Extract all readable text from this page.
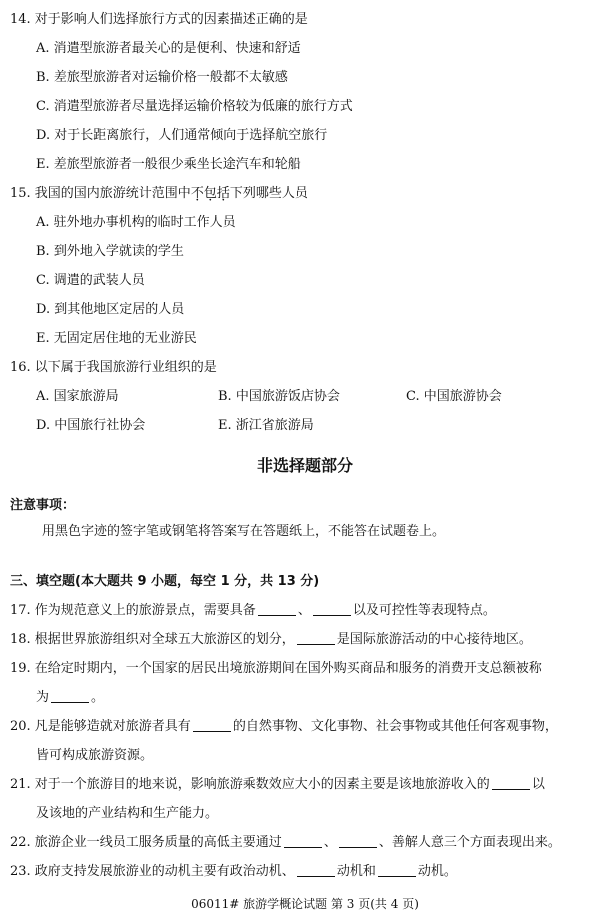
14. 对于影响人们选择旅行方式的因素描述正确的是
A. 消遣型旅游者最关心的是便利、快速和舒适
B. 差旅型旅游者对运输价格一般都不太敏感
C. 消遣型旅游者尽量选择运输价格较为低廉的旅行方式
D. 对于长距离旅行，人们通常倾向于选择航空旅行
E. 差旅型旅游者一般很少乘坐长途汽车和轮船
15. 我国的国内旅游统计范围中不包括下列哪些人员
A. 驻外地办事机构的临时工作人员
B. 到外地入学就读的学生
C. 调遣的武装人员
D. 到其他地区定居的人员
E. 无固定居住地的无业游民
16. 以下属于我国旅游行业组织的是
A. 国家旅游局	B. 中国旅游饭店协会	C. 中国旅游协会
D. 中国旅行社协会	E. 浙江省旅游局
非选择题部分
注意事项：
用黑色字迹的签字笔或钢笔将答案写在答题纸上，不能答在试题卷上。
三、填空题(本大题共 9 小题，每空 1 分，共 13 分)
17. 作为规范意义上的旅游景点，需要具备	、	以及可控性等表现特点。
18. 根据世界旅游组织对全球五大旅游区的划分，	是国际旅游活动的中心接待地区。
19. 在给定时期内，一个国家的居民出境旅游期间在国外购买商品和服务的消费开支总额被称
为	。
20. 凡是能够造就对旅游者具有	的自然事物、文化事物、社会事物或其他任何客观事物，
皆可构成旅游资源。
21. 对于一个旅游目的地来说，影响旅游乘数效应大小的因素主要是该地旅游收入的	以
及该地的产业结构和生产能力。
22. 旅游企业一线员工服务质量的高低主要通过	、	、善解人意三个方面表现出来。
23. 政府支持发展旅游业的动机主要有政治动机、	动机和	动机。
06011# 旅游学概论试题 第 3 页(共 4 页)
